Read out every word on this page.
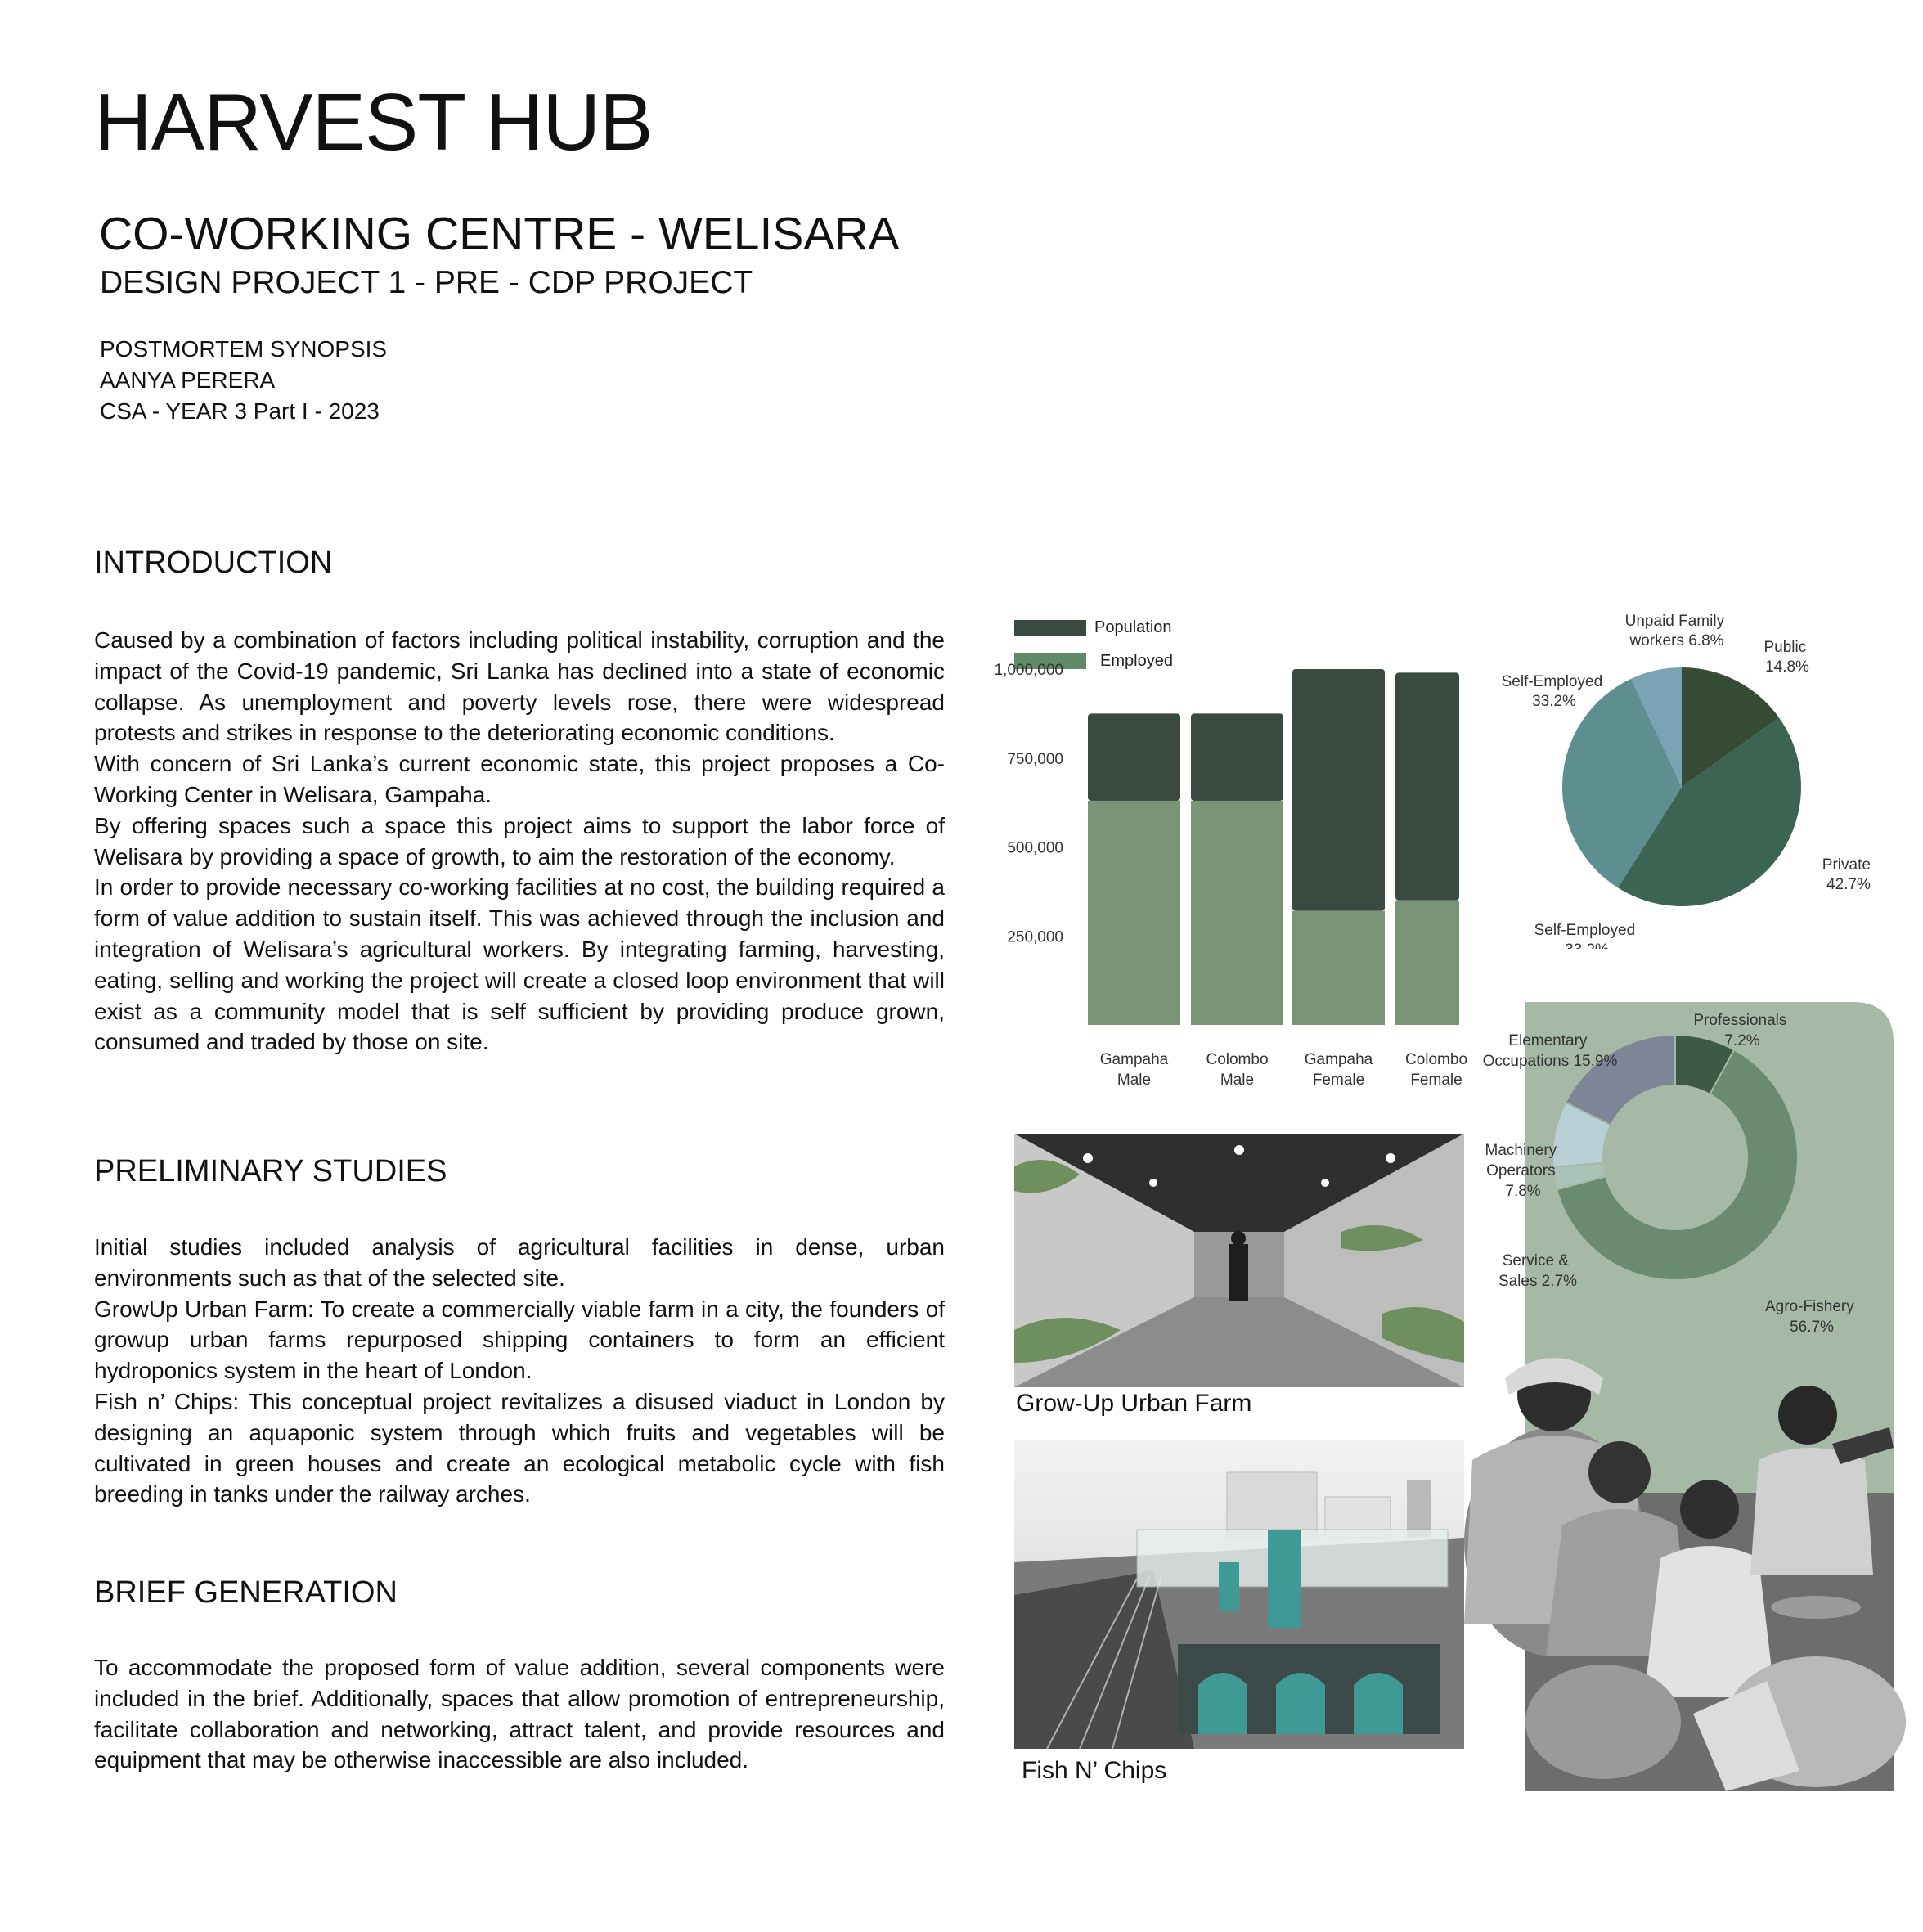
HARVEST HUB
CO-WORKING CENTRE - WELISARA
DESIGN PROJECT 1 - PRE - CDP PROJECT
POSTMORTEM SYNOPSIS
AANYA PERERA
CSA - YEAR 3 Part I - 2023
INTRODUCTION

Caused by a combination of factors including political instability, corruption and the impact of the Covid-19 pandemic, Sri Lanka has declined into a state of economic collapse. As unemployment and poverty levels rose, there were widespread protests and strikes in response to the deteriorating economic conditions.

With concern of Sri Lanka’s current economic state, this project proposes a Co-Working Center in Welisara, Gampaha.

By offering spaces such a space this project aims to support the labor force of Welisara by providing a space of growth, to aim the restoration of the economy.

In order to provide necessary co-working facilities at no cost, the building required a form of value addition to sustain itself. This was achieved through the inclusion and integration of Welisara’s agricultural workers. By integrating farming, harvesting, eating, selling and working the project will create a closed loop environment that will exist as a community model that is self sufficient by providing produce grown, consumed and traded by those on site.

PRELIMINARY STUDIES

Initial studies included analysis of agricultural facilities in dense, urban environments such as that of the selected site.

GrowUp Urban Farm: To create a commercially viable farm in a city, the founders of growup urban farms repurposed shipping containers to form an efficient hydroponics system in the heart of London.

Fish n’ Chips: This conceptual project revitalizes a disused viaduct in London by designing an aquaponic system through which fruits and vegetables will be cultivated in green houses and create an ecological metabolic cycle with fish breeding in tanks under the railway arches.

BRIEF GENERATION

To accommodate the proposed form of value addition, several components were included in the brief. Additionally, spaces that allow promotion of entrepreneurship, facilitate collaboration and networking, attract talent, and provide resources and equipment that may be otherwise inaccessible are also included.

Population
Employed
250,000
500,000
750,000
1,000,000
Gampaha Male
Colombo Male
Gampaha Female
Colombo Female
Unpaid Family workers 6.8%	Public 14.8%
Self-Employed 33.2%
Private 42.7%
Self-Employed
Professionals 7.2%
Elementary Occupations 15.9%
Machinery Operators 7.8%
Service & Sales 2.7%
Agro-Fishery 56.7%
Grow-Up Urban Farm
Fish N’ Chips
